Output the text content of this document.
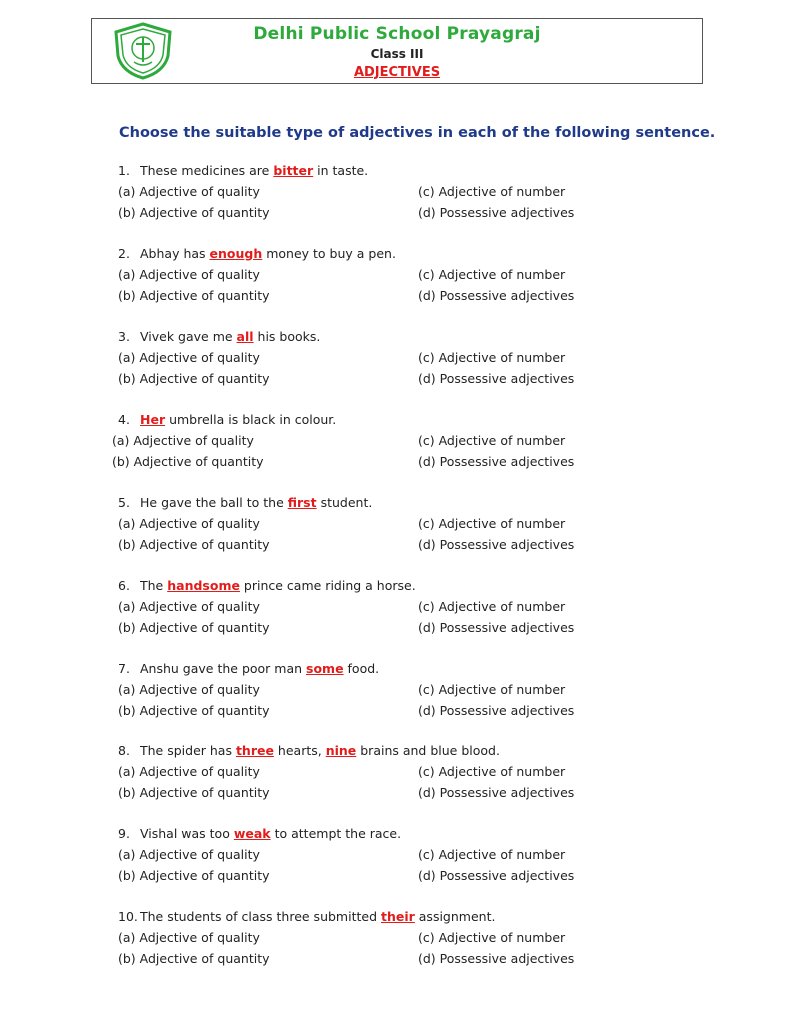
Delhi Public School Prayagraj
Class III
ADJECTIVES
Choose the suitable type of adjectives in each of the following sentence.
1. These medicines are bitter in taste.
(a) Adjective of quality
(b) Adjective of quantity
(c) Adjective of number
(d) Possessive adjectives
2. Abhay has enough money to buy a pen.
(a) Adjective of quality
(b) Adjective of quantity
(c) Adjective of number
(d) Possessive adjectives
3. Vivek gave me all his books.
(a) Adjective of quality
(b) Adjective of quantity
(c) Adjective of number
(d) Possessive adjectives
4. Her umbrella is black in colour.
(a) Adjective of quality
(b) Adjective of quantity
(c) Adjective of number
(d) Possessive adjectives
5. He gave the ball to the first student.
(a) Adjective of quality
(b) Adjective of quantity
(c) Adjective of number
(d) Possessive adjectives
6. The handsome prince came riding a horse.
(a) Adjective of quality
(b) Adjective of quantity
(c) Adjective of number
(d) Possessive adjectives
7. Anshu gave the poor man some food.
(a) Adjective of quality
(b) Adjective of quantity
(c) Adjective of number
(d) Possessive adjectives
8. The spider has three hearts, nine brains and blue blood.
(a) Adjective of quality
(b) Adjective of quantity
(c) Adjective of number
(d) Possessive adjectives
9. Vishal was too weak to attempt the race.
(a) Adjective of quality
(b) Adjective of quantity
(c) Adjective of number
(d) Possessive adjectives
10. The students of class three submitted their assignment.
(a) Adjective of quality
(b) Adjective of quantity
(c) Adjective of number
(d) Possessive adjectives
